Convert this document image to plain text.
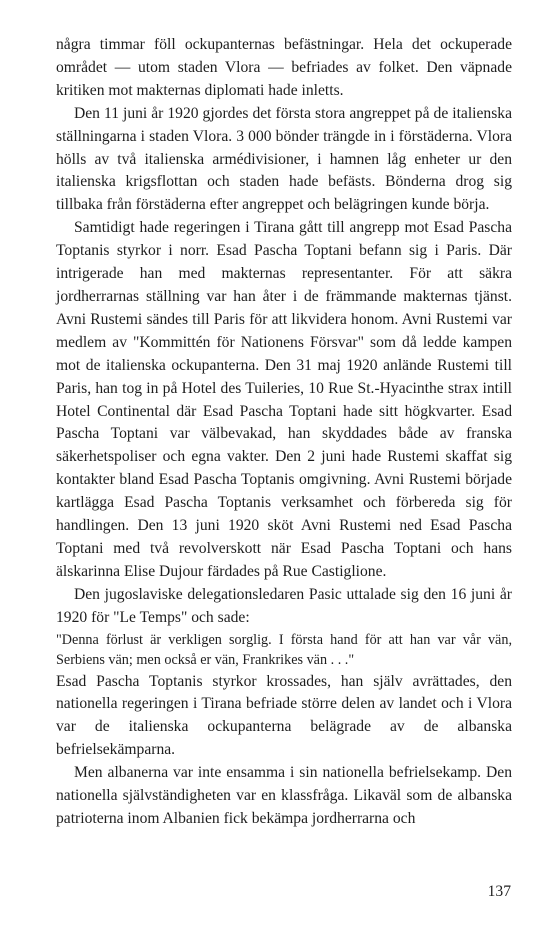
några timmar föll ockupanternas befästningar. Hela det ockuperade området — utom staden Vlora — befriades av folket. Den väpnade kritiken mot makternas diplomati hade inletts.

Den 11 juni år 1920 gjordes det första stora angreppet på de italienska ställningarna i staden Vlora. 3 000 bönder trängde in i förstäderna. Vlora hölls av två italienska armédivisioner, i hamnen låg enheter ur den italienska krigsflottan och staden hade befästs. Bönderna drog sig tillbaka från förstäderna efter angreppet och belägringen kunde börja.

Samtidigt hade regeringen i Tirana gått till angrepp mot Esad Pascha Toptanis styrkor i norr. Esad Pascha Toptani befann sig i Paris. Där intrigerade han med makternas representanter. För att säkra jordherrarnas ställning var han åter i de främmande makternas tjänst. Avni Rustemi sändes till Paris för att likvidera honom. Avni Rustemi var medlem av "Kommittén för Nationens Försvar" som då ledde kampen mot de italienska ockupanterna. Den 31 maj 1920 anlände Rustemi till Paris, han tog in på Hotel des Tuileries, 10 Rue St.-Hyacinthe strax intill Hotel Continental där Esad Pascha Toptani hade sitt högkvarter. Esad Pascha Toptani var välbevakad, han skyddades både av franska säkerhetspoliser och egna vakter. Den 2 juni hade Rustemi skaffat sig kontakter bland Esad Pascha Toptanis omgivning. Avni Rustemi började kartlägga Esad Pascha Toptanis verksamhet och förbereda sig för handlingen. Den 13 juni 1920 sköt Avni Rustemi ned Esad Pascha Toptani med två revolverskott när Esad Pascha Toptani och hans älskarinna Elise Dujour färdades på Rue Castiglione.

Den jugoslaviske delegationsledaren Pasic uttalade sig den 16 juni år 1920 för "Le Temps" och sade:

"Denna förlust är verkligen sorglig. I första hand för att han var vår vän, Serbiens vän; men också er vän, Frankrikes vän . . ."

Esad Pascha Toptanis styrkor krossades, han själv avrättades, den nationella regeringen i Tirana befriade större delen av landet och i Vlora var de italienska ockupanterna belägrade av de albanska befrielsekämparna.

Men albanerna var inte ensamma i sin nationella befrielsekamp. Den nationella självständigheten var en klassfråga. Likaväl som de albanska patrioterna inom Albanien fick bekämpa jordherrarna och

137
